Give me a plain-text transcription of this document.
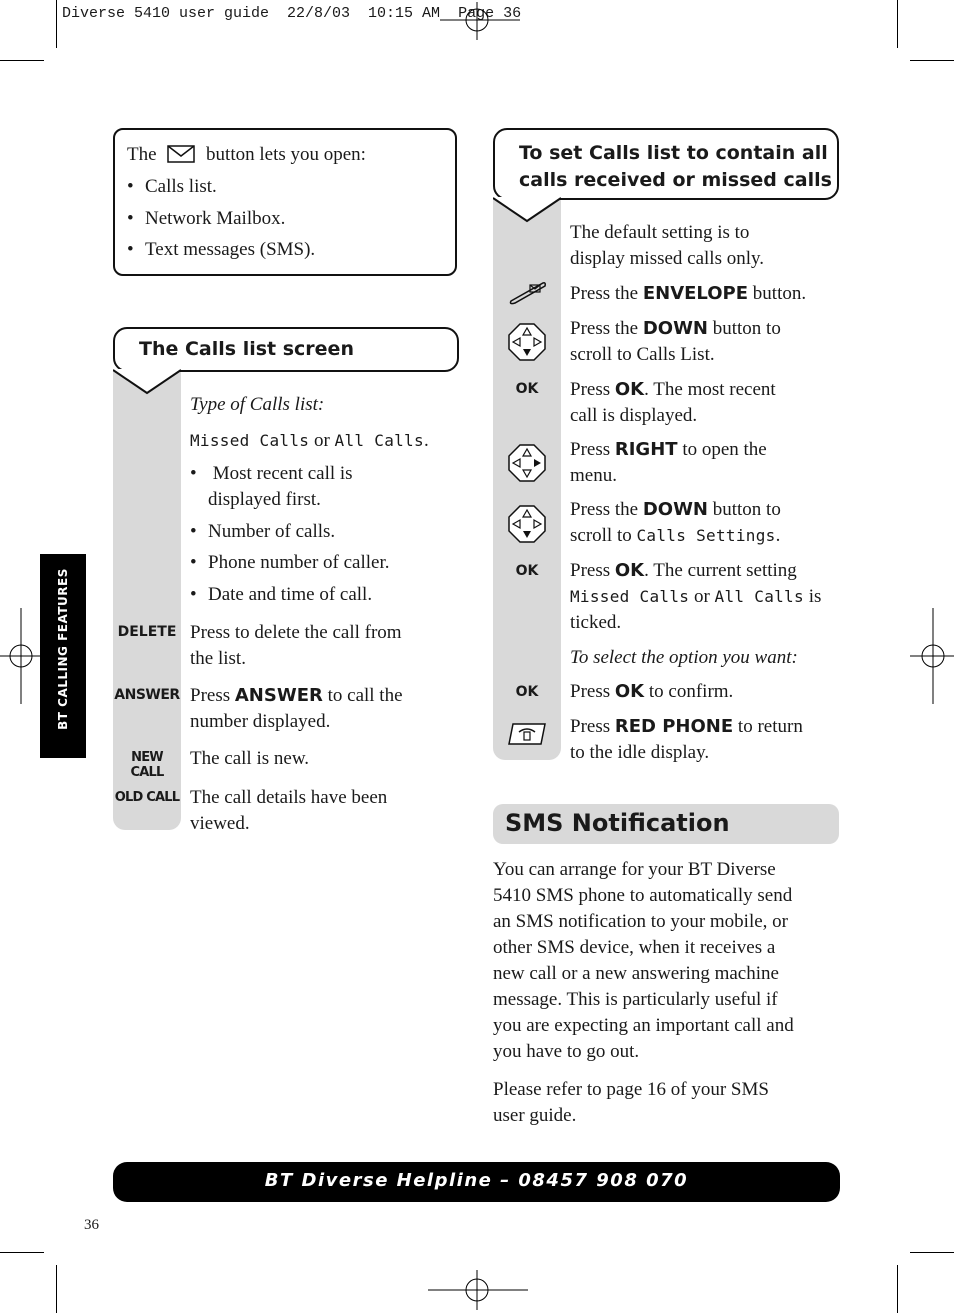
Diverse 5410 user guide  22/8/03  10:15 AM  Page 36
BT CALLING FEATURES
The	button lets you open:
• Calls list.
• Network Mailbox.
• Text messages (SMS).
The Calls list screen
Type of Calls list:
Missed Calls or All Calls.
• Most recent call is
displayed first.
• Number of calls.
• Phone number of caller.
• Date and time of call.
DELETE Press to delete the call from
the list.
ANSWER Press ANSWER to call the
number displayed.
NEW CALL
The call is new.
OLD CALL The call details have been
viewed.
To set Calls list to contain all
calls received or missed calls
The default setting is to
display missed calls only.
Press the ENVELOPE button.
Press the DOWN button to
scroll to Calls List.
OK	Press OK. The most recent
call is displayed.
Press RIGHT to open the
menu.
Press the DOWN button to
scroll to Calls Settings.
OK	Press OK. The current setting
Missed Calls or All Calls is
ticked.
To select the option you want:
OK	Press OK to confirm.
Press RED PHONE to return
to the idle display.
SMS Notification
You can arrange for your BT Diverse
5410 SMS phone to automatically send
an SMS notification to your mobile, or
other SMS device, when it receives a
new call or a new answering machine
message. This is particularly useful if
you are expecting an important call and
you have to go out.
Please refer to page 16 of your SMS
user guide.
BT Diverse Helpline – 08457 908 070
36
